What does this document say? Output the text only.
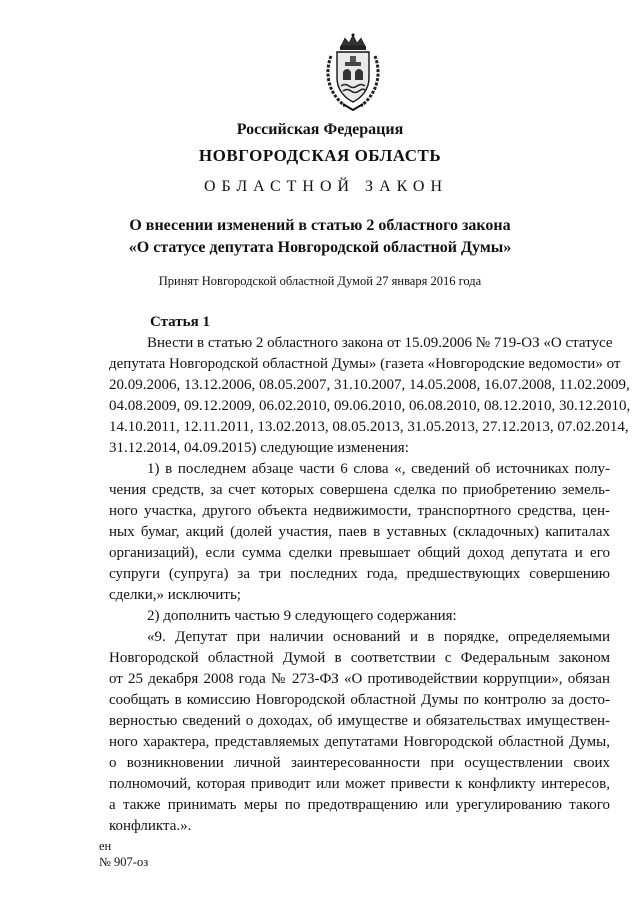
Российская Федерация
НОВГОРОДСКАЯ ОБЛАСТЬ
ОБЛАСТНОЙ ЗАКОН
О внесении изменений в статью 2 областного закона
«О статусе депутата Новгородской областной Думы»
Принят Новгородской областной Думой 27 января 2016 года
Статья 1
Внести в статью 2 областного закона от 15.09.2006 № 719-ОЗ «О статусе
депутата Новгородской областной Думы» (газета «Новгородские ведомости» от
20.09.2006, 13.12.2006, 08.05.2007, 31.10.2007, 14.05.2008, 16.07.2008, 11.02.2009,
04.08.2009, 09.12.2009, 06.02.2010, 09.06.2010, 06.08.2010, 08.12.2010, 30.12.2010,
14.10.2011, 12.11.2011, 13.02.2013, 08.05.2013, 31.05.2013, 27.12.2013, 07.02.2014,
31.12.2014, 04.09.2015) следующие изменения:
1) в последнем абзаце части 6 слова «, сведений об источниках полу-
чения средств, за счет которых совершена сделка по приобретению земель-
ного участка, другого объекта недвижимости, транспортного средства, цен-
ных бумаг, акций (долей участия, паев в уставных (складочных) капиталах
организаций), если сумма сделки превышает общий доход депутата и его
супруги (супруга) за три последних года, предшествующих совершению
сделки,» исключить;
2) дополнить частью 9 следующего содержания:
«9. Депутат при наличии оснований и в порядке, определяемыми
Новгородской областной Думой в соответствии с Федеральным законом
от 25 декабря 2008 года № 273-ФЗ «О противодействии коррупции», обязан
сообщать в комиссию Новгородской областной Думы по контролю за досто-
верностью сведений о доходах, об имуществе и обязательствах имуществен-
ного характера, представляемых депутатами Новгородской областной Думы,
о возникновении личной заинтересованности при осуществлении своих
полномочий, которая приводит или может привести к конфликту интересов,
а также принимать меры по предотвращению или урегулированию такого
конфликта.».
ен
№ 907-оз
